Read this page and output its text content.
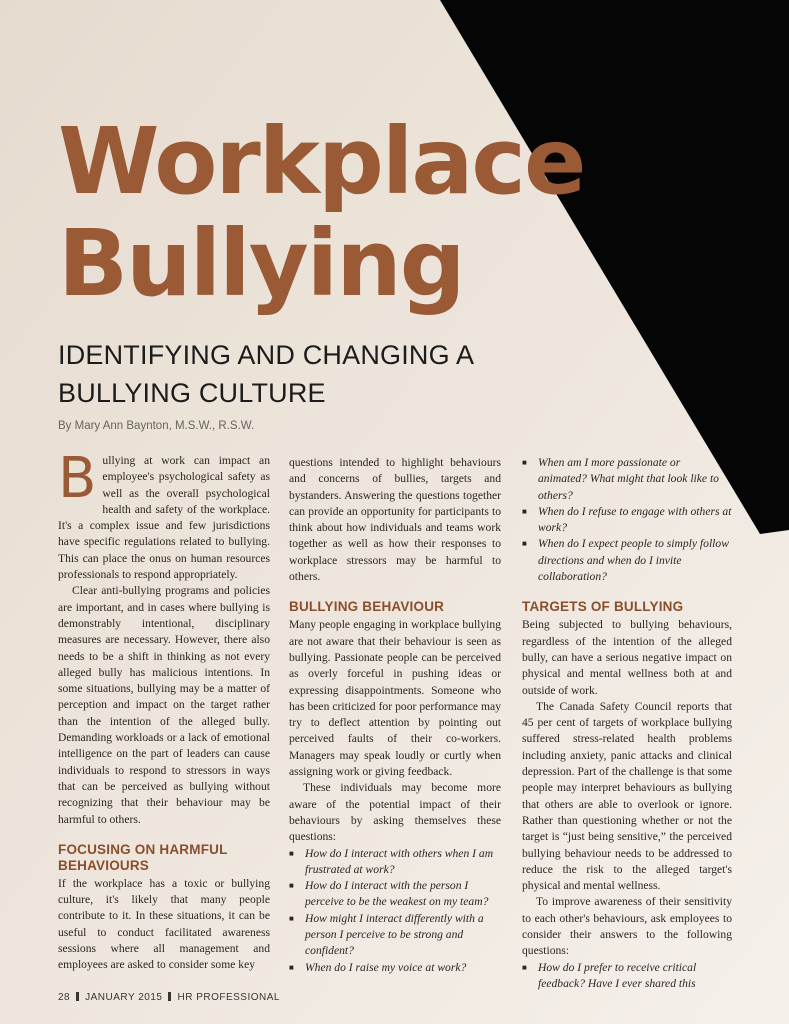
Workplace
Bullying
IDENTIFYING AND CHANGING A
BULLYING CULTURE
By Mary Ann Baynton, M.S.W., R.S.W.

B ullying at work can impact an employee's psychological safety as well as the overall psychological health and safety of the workplace. It's a complex issue and few jurisdictions have specific regulations related to bullying. This can place the onus on human resources professionals to respond appropriately.

Clear anti-bullying programs and policies are important, and in cases where bullying is demonstrably intentional, disciplinary measures are necessary. However, there also needs to be a shift in thinking as not every alleged bully has malicious intentions. In some situations, bullying may be a matter of perception and impact on the target rather than the intention of the alleged bully. Demanding workloads or a lack of emotional intelligence on the part of leaders can cause individuals to respond to stressors in ways that can be perceived as bullying without recognizing that their behaviour may be harmful to others.

FOCUSING ON HARMFUL BEHAVIOURS

If the workplace has a toxic or bullying culture, it's likely that many people contribute to it. In these situations, it can be useful to conduct facilitated awareness sessions where all management and employees are asked to consider some key

questions intended to highlight behaviours and concerns of bullies, targets and bystanders. Answering the questions together can provide an opportunity for participants to think about how individuals and teams work together as well as how their responses to workplace stressors may be harmful to others.

BULLYING BEHAVIOUR

Many people engaging in workplace bullying are not aware that their behaviour is seen as bullying. Passionate people can be perceived as overly forceful in pushing ideas or expressing disappointments. Someone who has been criticized for poor performance may try to deflect attention by pointing out perceived faults of their co-workers. Managers may speak loudly or curtly when assigning work or giving feedback.

These individuals may become more aware of the potential impact of their behaviours by asking themselves these questions:

■ How do I interact with others when I am frustrated at work?
■ How do I interact with the person I perceive to be the weakest on my team?
■ How might I interact differently with a person I perceive to be strong and confident?
■ When do I raise my voice at work?
■ When am I more passionate or animated? What might that look like to others?
■ When do I refuse to engage with others at work?
■ When do I expect people to simply follow directions and when do I invite collaboration?
TARGETS OF BULLYING

Being subjected to bullying behaviours, regardless of the intention of the alleged bully, can have a serious negative impact on physical and mental wellness both at and outside of work.

The Canada Safety Council reports that 45 per cent of targets of workplace bullying suffered stress-related health problems including anxiety, panic attacks and clinical depression. Part of the challenge is that some people may interpret behaviours as bullying that others are able to overlook or ignore. Rather than questioning whether or not the target is “just being sensitive,” the perceived bullying behaviour needs to be addressed to reduce the risk to the alleged target's physical and mental wellness.

To improve awareness of their sensitivity to each other's behaviours, ask employees to consider their answers to the following questions:

■ How do I prefer to receive critical feedback? Have I ever shared this
28 JANUARY 2015 HR PROFESSIONAL
